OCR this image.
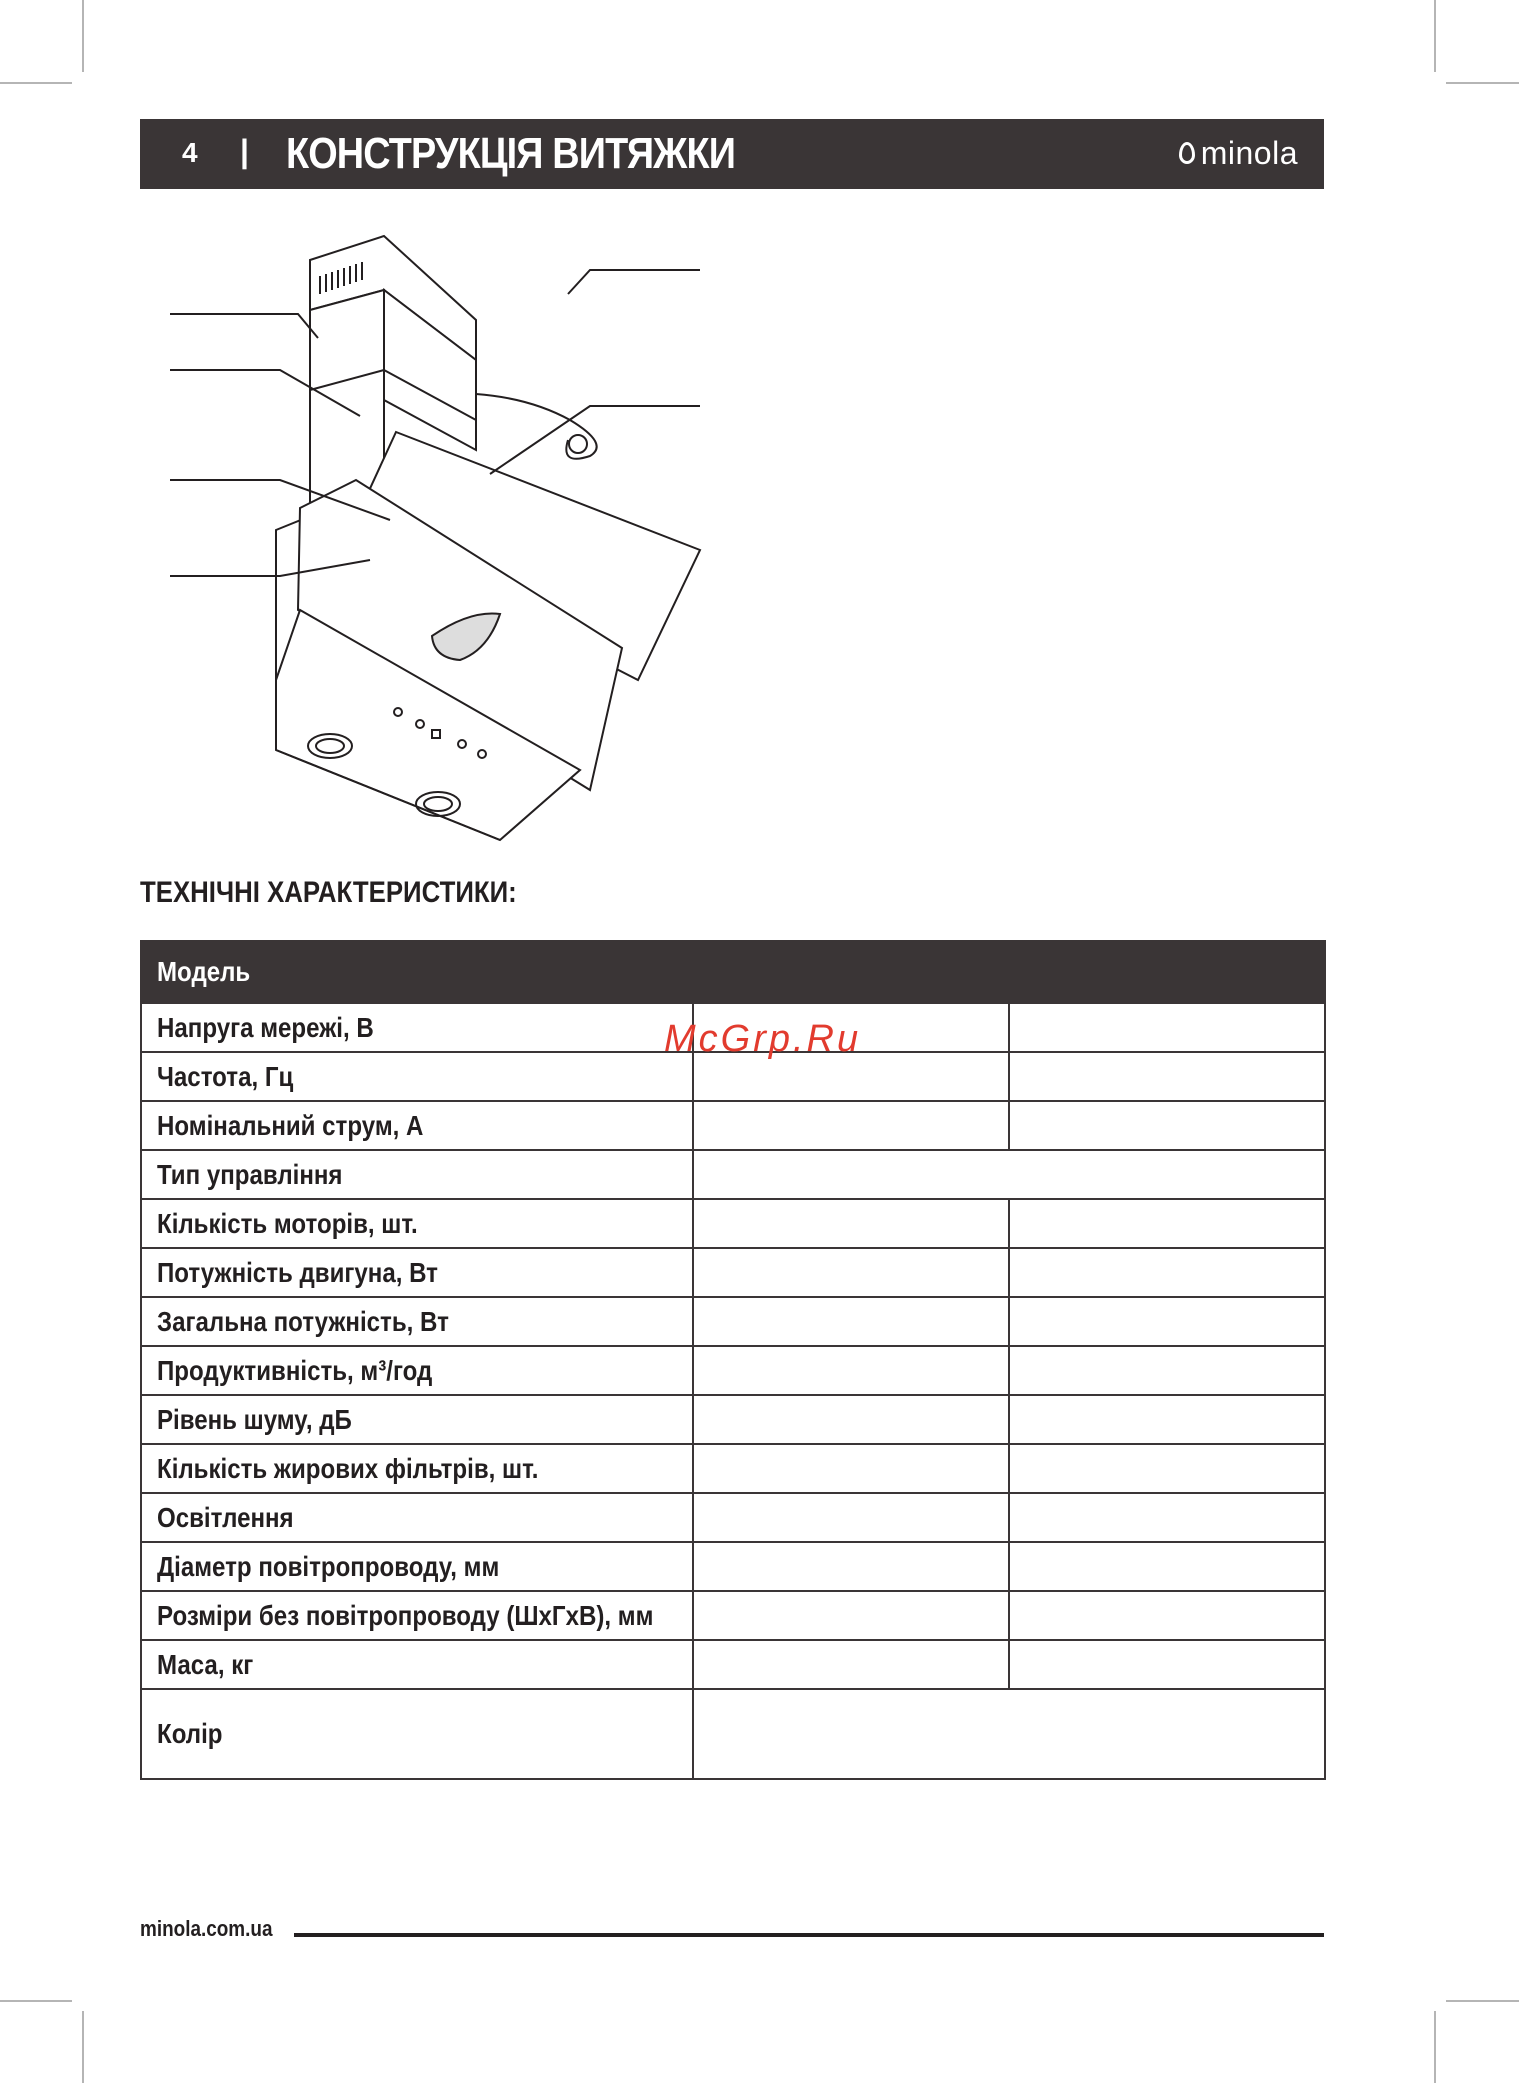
4 | КОНСТРУКЦІЯ ВИТЯЖКИ	minola
ТЕХНІЧНІ ХАРАКТЕРИСТИКИ:
Модель		
Напруга мережі, В		
Частота, Гц		
Номінальний струм, А		
Тип управління		
Кількість моторів, шт.		
Потужність двигуна, Вт		
Загальна потужність, Вт		
Продуктивність, м³/год		
Рівень шуму, дБ		
Кількість жирових фільтрів, шт.		
Освітлення		
Діаметр повітропроводу, мм		
Розміри без повітропроводу (ШхГхВ), мм		
Маса, кг		
Колір		
McGrp.Ru
minola.com.ua
